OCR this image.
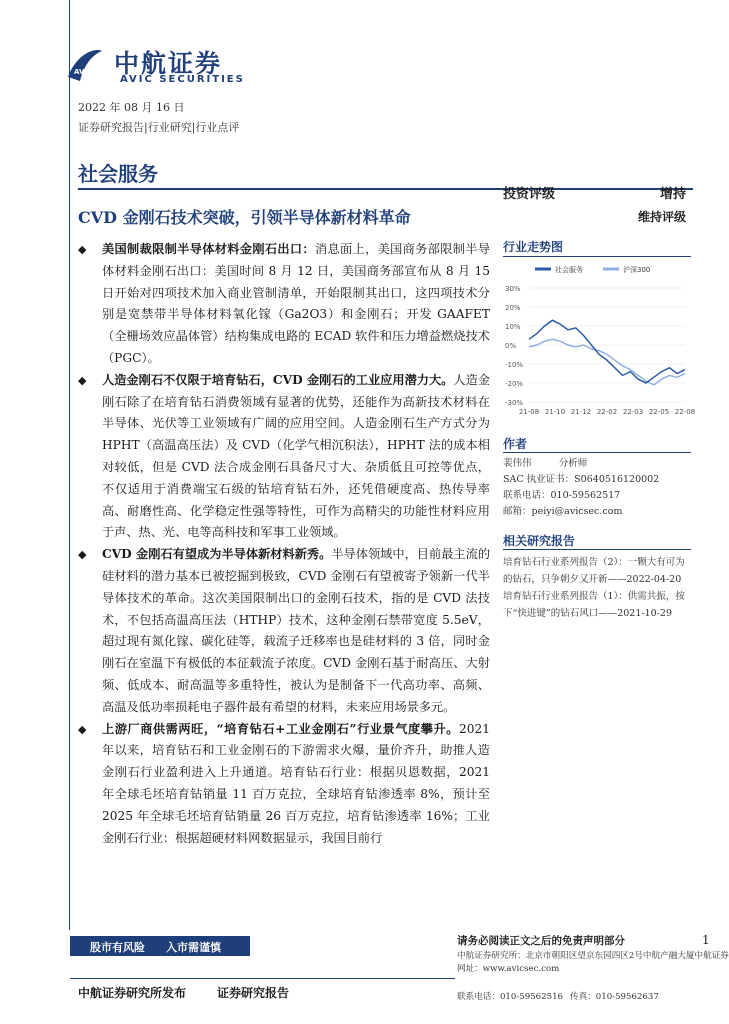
AVIC 中航证券
AVIC SECURITIES
2022 年 08 月 16 日
证券研究报告|行业研究|行业点评
社会服务
投资评级	增持
维持评级
CVD 金刚石技术突破，引领半导体新材料革命
◆ 美国制裁限制半导体材料金刚石出口：消息面上，美国商务部限制半导体材料金刚石出口：美国时间 8 月 12 日，美国商务部宣布从 8 月 15 日开始对四项技术加入商业管制清单，开始限制其出口，这四项技术分别是宽禁带半导体材料氧化镓（Ga2O3）和金刚石；开发 GAAFET（全栅场效应晶体管）结构集成电路的 ECAD 软件和压力增益燃烧技术（PGC）。
◆ 人造金刚石不仅限于培育钻石，CVD 金刚石的工业应用潜力大。人造金刚石除了在培育钻石消费领域有显著的优势，还能作为高新技术材料在半导体、光伏等工业领域有广阔的应用空间。人造金刚石生产方式分为 HPHT（高温高压法）及 CVD（化学气相沉积法），HPHT 法的成本相对较低，但是 CVD 法合成金刚石具备尺寸大、杂质低且可控等优点，不仅适用于消费端宝石级的钻培育钻石外，还凭借硬度高、热传导率高、耐磨性高、化学稳定性强等特性，可作为高精尖的功能性材料应用于声、热、光、电等高科技和军事工业领域。
◆ CVD 金刚石有望成为半导体新材料新秀。半导体领域中，目前最主流的硅材料的潜力基本已被挖掘到极致，CVD 金刚石有望被寄予领新一代半导体技术的革命。这次美国限制出口的金刚石技术，指的是 CVD 法技术，不包括高温高压法（HTHP）技术，这种金刚石禁带宽度 5.5eV，超过现有氮化镓、碳化硅等，载流子迁移率也是硅材料的 3 倍，同时金刚石在室温下有极低的本征载流子浓度。CVD 金刚石基于耐高压、大射频、低成本、耐高温等多重特性，被认为是制备下一代高功率、高频、高温及低功率损耗电子器件最有希望的材料，未来应用场景多元。
◆ 上游厂商供需两旺，“培育钻石+工业金刚石”行业景气度攀升。2021 年以来，培育钻石和工业金刚石的下游需求火爆，量价齐升，助推人造金刚石行业盈利进入上升通道。培育钻石行业：根据贝恩数据，2021 年全球毛坯培育钻销量 11 百万克拉，全球培育钻渗透率 8%，预计至 2025 年全球毛坯培育钻销量 26 百万克拉，培育钻渗透率 16%；工业金刚石行业：根据超硬材料网数据显示，我国目前行
行业走势图
社会服务	沪深300
30%
20%
10%
0%
-10%
-20%
-30%
21-08 21-10 21-12 22-02 22-03 22-05 22-08
作者
裴伟伟	分析师
SAC 执业证书：S0640516120002
联系电话：010-59562517
邮箱：peiyi@avicsec.com
相关研究报告
培育钻石行业系列报告（2）：一颗大有可为的钻石，只争朝夕又开新——2022-04-20
培育钻石行业系列报告（1）：供需共振，按下“快进键”的钻石风口——2021-10-29
股市有风险 入市需谨慎	请务必阅读正文之后的免责声明部分	1
中航证券研究所：北京市朝阳区望京东园四区2号中航产融大厦中航证券
网址：www.avicsec.com
联系电话：010-59562516 传真：010-59562637
中航证券研究所发布	证券研究报告
